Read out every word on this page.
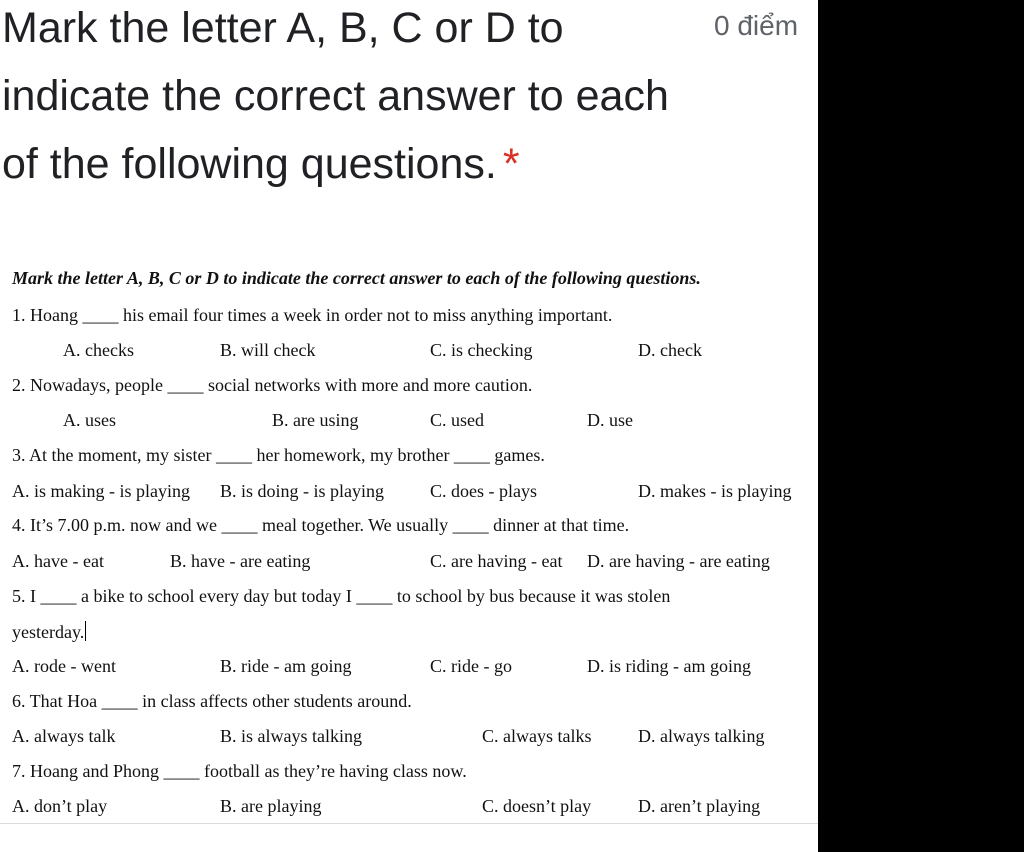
Mark the letter A, B, C or D to indicate the correct answer to each of the following questions. *
0 điểm
Mark the letter A, B, C or D to indicate the correct answer to each of the following questions.
1. Hoang ____ his email four times a week in order not to miss anything important.
A. checks	B. will check	C. is checking	D. check
2. Nowadays, people ____ social networks with more and more caution.
A. uses	B. are using	C. used	D. use
3. At the moment, my sister ____ her homework, my brother ____ games.
A. is making - is playing B. is doing - is playing	C. does - plays	D. makes - is playing
4. It’s 7.00 p.m. now and we ____ meal together. We usually ____ dinner at that time.
A. have - eat	B. have - are eating	C. are having - eat D. are having - are eating
5. I ____ a bike to school every day but today I ____ to school by bus because it was stolen
yesterday.
A. rode - went	B. ride - am going	C. ride - go	D. is riding - am going
6. That Hoa ____ in class affects other students around.
A. always talk	B. is always talking	C. always talks	D. always talking
7. Hoang and Phong ____ football as they’re having class now.
A. don’t play	B. are playing	C. doesn’t play	D. aren’t playing
